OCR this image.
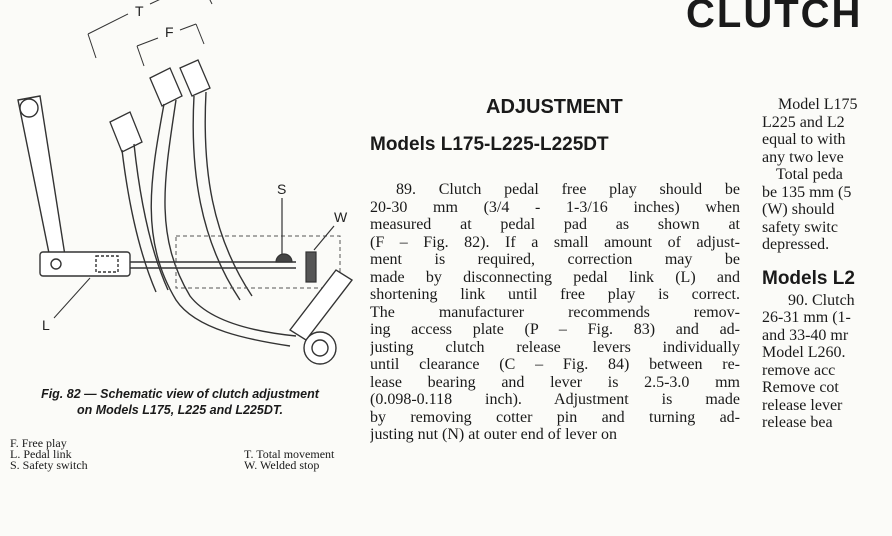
CLUTCH
T
F
S
W
L
Fig. 82 — Schematic view of clutch adjustment
on Models L175, L225 and L225DT.
F. Free play
L. Pedal link
S. Safety switch
T. Total movement
W. Welded stop
ADJUSTMENT
Models L175-L225-L225DT
89. Clutch pedal free play should be
20-30 mm (3/4 - 1-3/16 inches) when
measured at pedal pad as shown at
(F – Fig. 82). If a small amount of adjust-
ment is required, correction may be
made by disconnecting pedal link (L) and
shortening link until free play is correct.
The manufacturer recommends remov-
ing access plate (P – Fig. 83) and ad-
justing clutch release levers individually
until clearance (C – Fig. 84) between re-
lease bearing and lever is 2.5-3.0 mm
(0.098-0.118 inch). Adjustment is made
by removing cotter pin and turning ad-
justing nut (N) at outer end of lever on
Model L175
L225 and L2
equal to with
any two leve
Total peda
be 135 mm (5
(W) should
safety switc
depressed.
Models L2
90. Clutch
26-31 mm (1-
and 33-40 mr
Model L260.
remove acc
Remove cot
release lever
release bea
